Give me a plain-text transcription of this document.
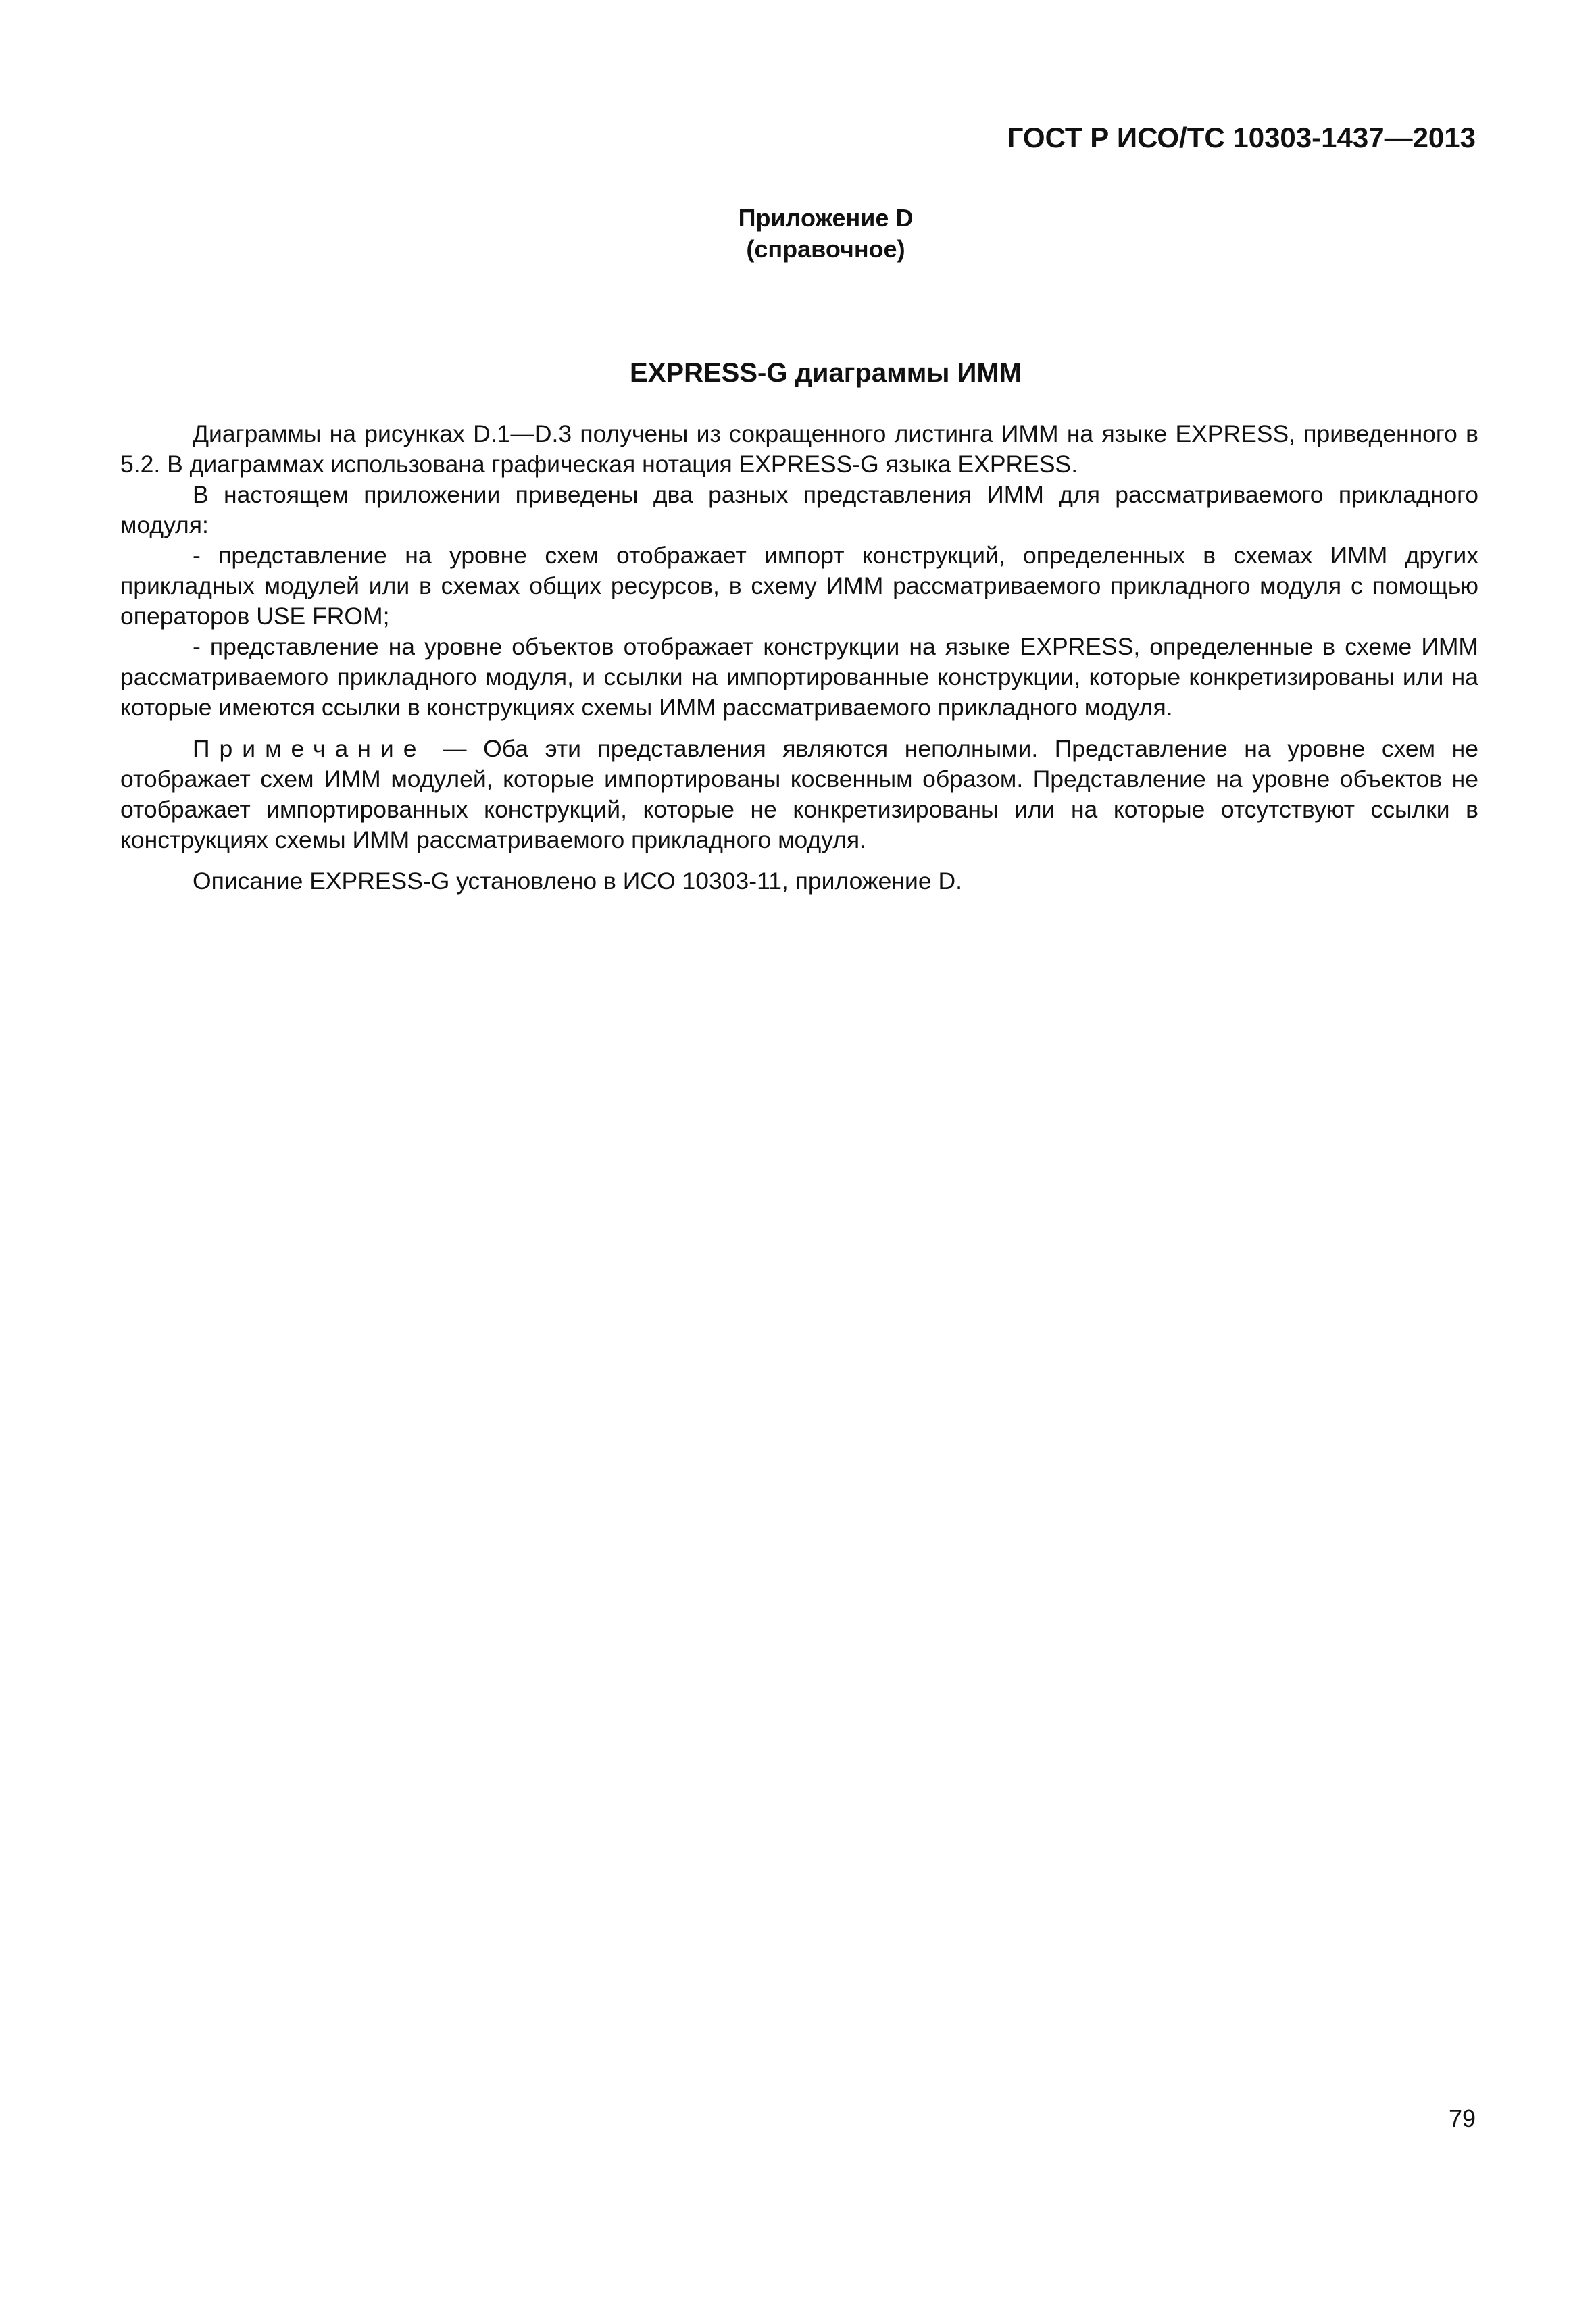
ГОСТ Р ИСО/ТС 10303-1437—2013
Приложение D
(справочное)
EXPRESS-G диаграммы ИММ

Диаграммы на рисунках D.1—D.3 получены из сокращенного листинга ИММ на языке EXPRESS, приведенного в 5.2. В диаграммах использована графическая нотация EXPRESS-G языка EXPRESS.

В настоящем приложении приведены два разных представления ИММ для рассматриваемого прикладного модуля:

- представление на уровне схем отображает импорт конструкций, определенных в схемах ИММ других прикладных модулей или в схемах общих ресурсов, в схему ИММ рассматриваемого прикладного модуля с помощью операторов USE FROM;

- представление на уровне объектов отображает конструкции на языке EXPRESS, определенные в схеме ИММ рассматриваемого прикладного модуля, и ссылки на импортированные конструкции, которые конкретизированы или на которые имеются ссылки в конструкциях схемы ИММ рассматриваемого прикладного модуля.

Примечание — Оба эти представления являются неполными. Представление на уровне схем не отображает схем ИММ модулей, которые импортированы косвенным образом. Представление на уровне объектов не отображает импортированных конструкций, которые не конкретизированы или на которые отсутствуют ссылки в конструкциях схемы ИММ рассматриваемого прикладного модуля.

Описание EXPRESS-G установлено в ИСО 10303-11, приложение D.

79
